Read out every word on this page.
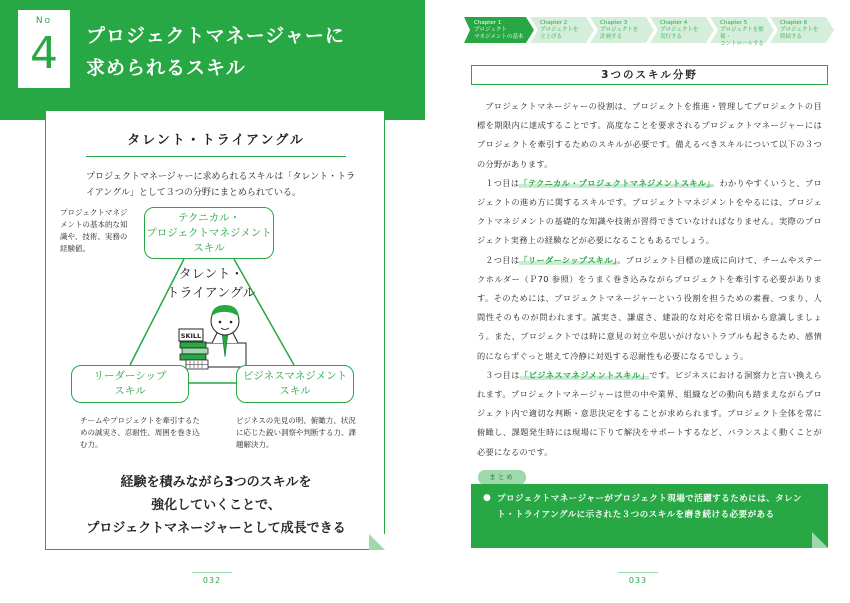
No
4	プロジェクトマネージャーに
求められるスキル
SKILL
タレント・トライアングル
プロジェクトマネージャーに求められるスキルは「タレント・トライアングル」として３つの分野にまとめられている。
プロジェクトマネジメントの基本的な知識や、技術、実務の経験値。
テクニカル・
プロジェクトマネジメント
スキル
タレント・
トライアングル
リーダーシップ
スキル
ビジネスマネジメント
スキル
チームやプロジェクトを牽引するための誠実さ、忍耐性、周囲を巻き込む力。
ビジネスの先見の明、俯瞰力、状況に応じた鋭い洞察や判断する力、課題解決力。
経験を積みながら3つのスキルを
強化していくことで、
プロジェクトマネージャーとして成長できる
032
Chapter 1
プロジェクト
マネジメントの基本
Chapter 2
プロジェクトを
立上げる
Chapter 3
プロジェクトを
計画する
Chapter 4
プロジェクトを
実行する
Chapter 5
プロジェクトを監視・
コントロールする
Chapter 6
プロジェクトを
終結する
3つのスキル分野

プロジェクトマネージャーの役割は、プロジェクトを推進・管理してプロジェクトの目標を期限内に達成することです。高度なことを要求されるプロジェクトマネージャーにはプロジェクトを牽引するためのスキルが必要です。備えるべきスキルについて以下の３つの分野があります。

１つ目は「テクニカル・プロジェクトマネジメントスキル」。わかりやすくいうと、プロジェクトの進め方に関するスキルです。プロジェクトマネジメントをやるには、プロジェクトマネジメントの基礎的な知識や技術が習得できていなければなりません。実際のプロジェクト実務上の経験などが必要になることもあるでしょう。

２つ目は「リーダーシップスキル」。プロジェクト目標の達成に向けて、チームやステークホルダー（Ｐ70 参照）をうまく巻き込みながらプロジェクトを牽引する必要があります。そのためには、プロジェクトマネージャーという役割を担うための素養、つまり、人間性そのものが問われます。誠実さ、謙虚さ、建設的な対応を常日頃から意識しましょう。また、プロジェクトでは時に意見の対立や思いがけないトラブルも起きるため、感情的にならずぐっと堪えて冷静に対処する忍耐性も必要になるでしょう。

３つ目は「ビジネスマネジメントスキル」です。ビジネスにおける洞察力と言い換えられます。プロジェクトマネージャーは世の中や業界、組織などの動向も踏まえながらプロジェクト内で適切な判断・意思決定をすることが求められます。プロジェクト全体を常に俯瞰し、課題発生時には現場に下りて解決をサポートするなど、バランスよく動くことが必要になるのです。

まとめ
● プロジェクトマネージャーがプロジェクト現場で活躍するためには、タレント・トライアングルに示された３つのスキルを磨き続ける必要がある
033
